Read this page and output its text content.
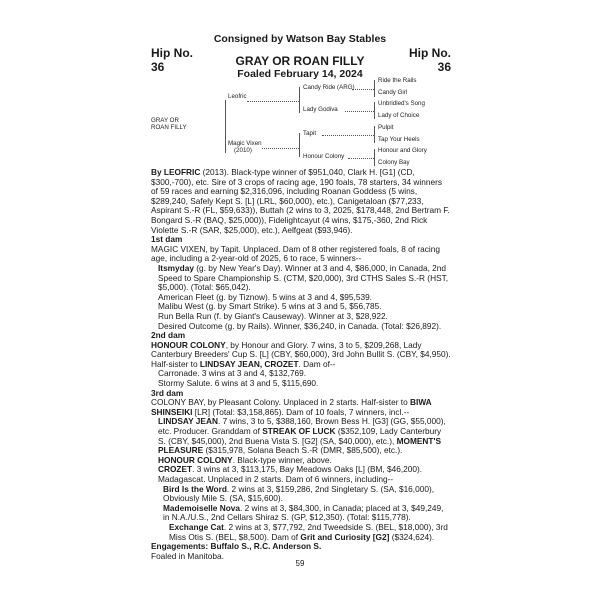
Consigned by Watson Bay Stables
Hip No.
36
Hip No.
36
GRAY OR ROAN FILLY
Foaled February 14, 2024
GRAY OR
ROAN FILLY
Leofric
Magic Vixen
(2010)
Candy Ride (ARG)
Lady Godiva
Tapit
Honour Colony
Ride the Rails
Candy Girl
Unbridled's Song
Lady of Choice
Pulpit
Tap Your Heels
Honour and Glory
Colony Bay

By LEOFRIC (2013). Black-type winner of $951,040, Clark H. [G1] (CD, $300,-700), etc. Sire of 3 crops of racing age, 190 foals, 78 starters, 34 winners of 59 races and earning $2,316,096, including Roanan Goddess (5 wins, $289,240, Safely Kept S. [L] (LRL, $60,000), etc.), Canigetaloan ($77,233, Aspirant S.-R (FL, $59,633)), Buttah (2 wins to 3, 2025, $178,448, 2nd Bertram F. Bongard S.-R (BAQ, $25,000)), Fidelightcayut (4 wins, $175,-360, 2nd Rick Violette S.-R (SAR, $25,000), etc.), Aelfgeat ($93,946).

1st dam

MAGIC VIXEN, by Tapit. Unplaced. Dam of 8 other registered foals, 8 of racing age, including a 2-year-old of 2025, 6 to race, 5 winners--

Itsmyday (g. by New Year's Day). Winner at 3 and 4, $86,000, in Canada, 2nd Speed to Spare Championship S. (CTM, $20,000), 3rd CTHS Sales S.-R (HST, $5,000). (Total: $65,042).

American Fleet (g. by Tiznow). 5 wins at 3 and 4, $95,539.

Malibu West (g. by Smart Strike). 5 wins at 3 and 5, $56,785.

Run Bella Run (f. by Giant's Causeway). Winner at 3, $28,922.

Desired Outcome (g. by Rails). Winner, $36,240, in Canada. (Total: $26,892).

2nd dam

HONOUR COLONY, by Honour and Glory. 7 wins, 3 to 5, $209,268, Lady Canterbury Breeders' Cup S. [L] (CBY, $60,000), 3rd John Bullit S. (CBY, $4,950). Half-sister to LINDSAY JEAN, CROZET. Dam of--

Carronade. 3 wins at 3 and 4, $132,769.

Stormy Salute. 6 wins at 3 and 5, $115,690.

3rd dam

COLONY BAY, by Pleasant Colony. Unplaced in 2 starts. Half-sister to BIWA SHINSEIKI [LR] (Total: $3,158,865). Dam of 10 foals, 7 winners, incl.--

LINDSAY JEAN. 7 wins, 3 to 5, $388,160, Brown Bess H. [G3] (GG, $55,000), etc. Producer. Granddam of STREAK OF LUCK ($352,109, Lady Canterbury S. (CBY, $45,000), 2nd Buena Vista S. [G2] (SA, $40,000), etc.), MOMENT'S PLEASURE ($315,978, Solana Beach S.-R (DMR, $85,500), etc.).

HONOUR COLONY. Black-type winner, above.

CROZET. 3 wins at 3, $113,175, Bay Meadows Oaks [L] (BM, $46,200).

Madagascat. Unplaced in 2 starts. Dam of 6 winners, including--

Bird Is the Word. 2 wins at 3, $159,286, 2nd Singletary S. (SA, $16,000), Obviously Mile S. (SA, $15,600).

Mademoiselle Nova. 2 wins at 3, $84,300, in Canada; placed at 3, $49,249, in N.A./U.S., 2nd Cellars Shiraz S. (GP, $12,350). (Total: $115,778).

Exchange Cat. 2 wins at 3, $77,792, 2nd Tweedside S. (BEL, $18,000), 3rd Miss Otis S. (BEL, $8,500). Dam of Grit and Curiosity [G2] ($324,624).

Engagements: Buffalo S., R.C. Anderson S.

Foaled in Manitoba.

59
